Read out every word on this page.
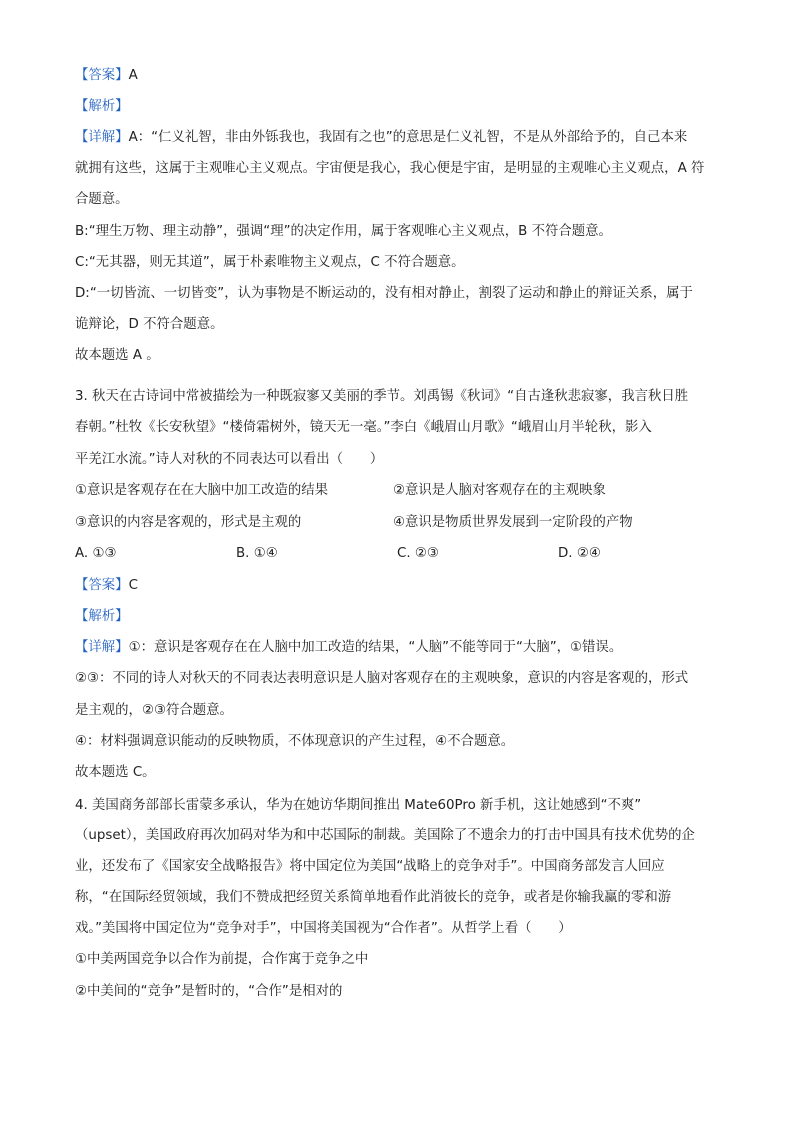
【答案】A
【解析】
【详解】A：“仁义礼智，非由外铄我也，我固有之也”的意思是仁义礼智，不是从外部给予的，自己本来
就拥有这些，这属于主观唯心主义观点。宇宙便是我心，我心便是宇宙，是明显的主观唯心主义观点，A 符
合题意。
B:“理生万物、理主动静”，强调“理”的决定作用，属于客观唯心主义观点，B 不符合题意。
C:“无其器，则无其道”，属于朴素唯物主义观点，C 不符合题意。
D:“一切皆流、一切皆变”，认为事物是不断运动的，没有相对静止，割裂了运动和静止的辩证关系，属于
诡辩论，D 不符合题意。
故本题选 A 。
3. 秋天在古诗词中常被描绘为一种既寂寥又美丽的季节。刘禹锡《秋词》“自古逢秋悲寂寥，我言秋日胜
春朝。”杜牧《长安秋望》“楼倚霜树外，镜天无一毫。”李白《峨眉山月歌》“峨眉山月半轮秋，影入
平羌江水流。”诗人对秋的不同表达可以看出（　　）
①意识是客观存在在大脑中加工改造的结果	②意识是人脑对客观存在的主观映象
③意识的内容是客观的，形式是主观的	④意识是物质世界发展到一定阶段的产物
A. ①③	B. ①④	C. ②③	D. ②④
【答案】C
【解析】
【详解】①：意识是客观存在在人脑中加工改造的结果，“人脑”不能等同于“大脑”，①错误。
②③：不同的诗人对秋天的不同表达表明意识是人脑对客观存在的主观映象，意识的内容是客观的，形式
是主观的，②③符合题意。
④：材料强调意识能动的反映物质，不体现意识的产生过程，④不合题意。
故本题选 C。
4. 美国商务部部长雷蒙多承认，华为在她访华期间推出 Mate60Pro 新手机，这让她感到“不爽”
（upset），美国政府再次加码对华为和中芯国际的制裁。美国除了不遗余力的打击中国具有技术优势的企
业，还发布了《国家安全战略报告》将中国定位为美国“战略上的竞争对手”。中国商务部发言人回应
称，“在国际经贸领域，我们不赞成把经贸关系简单地看作此消彼长的竞争，或者是你输我赢的零和游
戏。”美国将中国定位为“竞争对手”，中国将美国视为“合作者”。从哲学上看（　　）
①中美两国竞争以合作为前提，合作寓于竞争之中
②中美间的“竞争”是暂时的，“合作”是相对的
